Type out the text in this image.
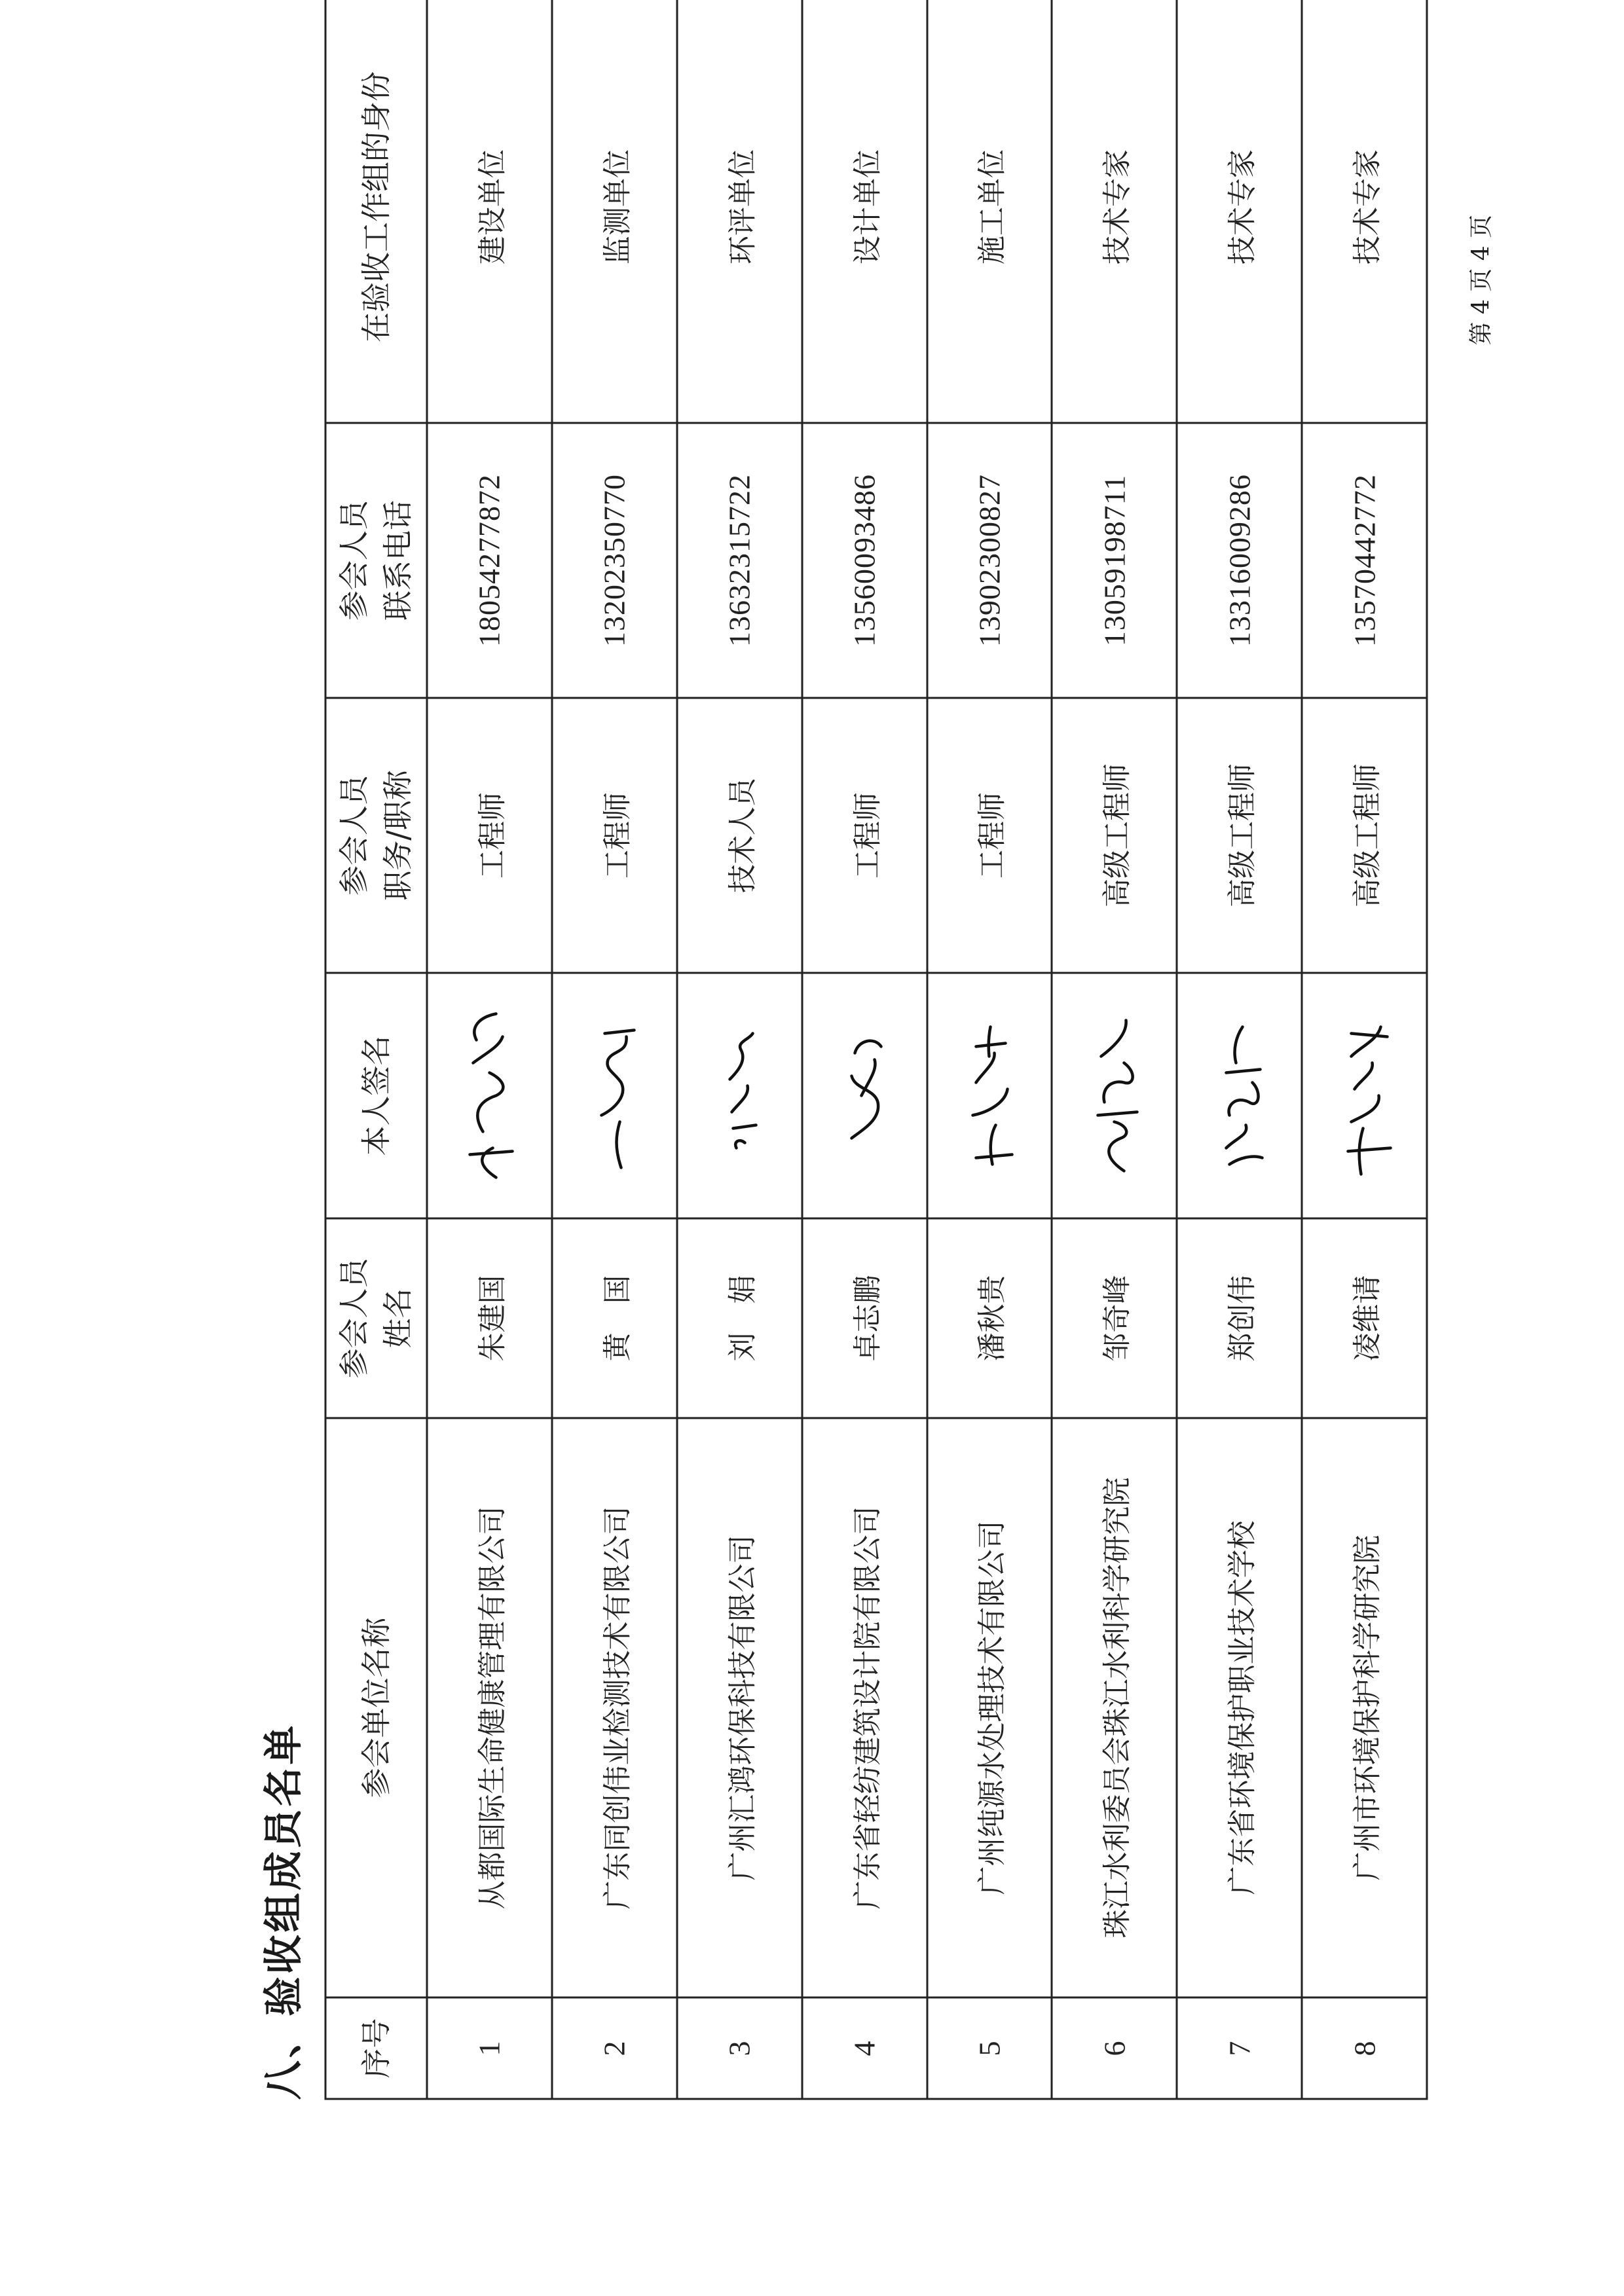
八、验收组成员名单 序号	参会单位名称	参会人员 姓名	本人签名	参会人员 职务/职称	参会人员 联系电话	在验收工作组的身份
1	从都国际生命健康管理有限公司	朱建国		工程师	18054277872	建设单位
2	广东同创伟业检测技术有限公司	黄　国		工程师	13202350770	监测单位
3	广州汇鸿环保科技有限公司	刘　娟		技术人员	13632315722	环评单位
4	广东省轻纺建筑设计院有限公司	卓志鹏		工程师	13560093486	设计单位
5	广州纯源水处理技术有限公司	潘秋贵		工程师	13902300827	施工单位
6	珠江水利委员会珠江水利科学研究院	邹奇峰		高级工程师	13059198711	技术专家
7	广东省环境保护职业技术学校	郑创伟		高级工程师	13316009286	技术专家
8	广州市环境保护科学研究院	凌维请		高级工程师	13570442772	技术专家
第 4 页 4 页
